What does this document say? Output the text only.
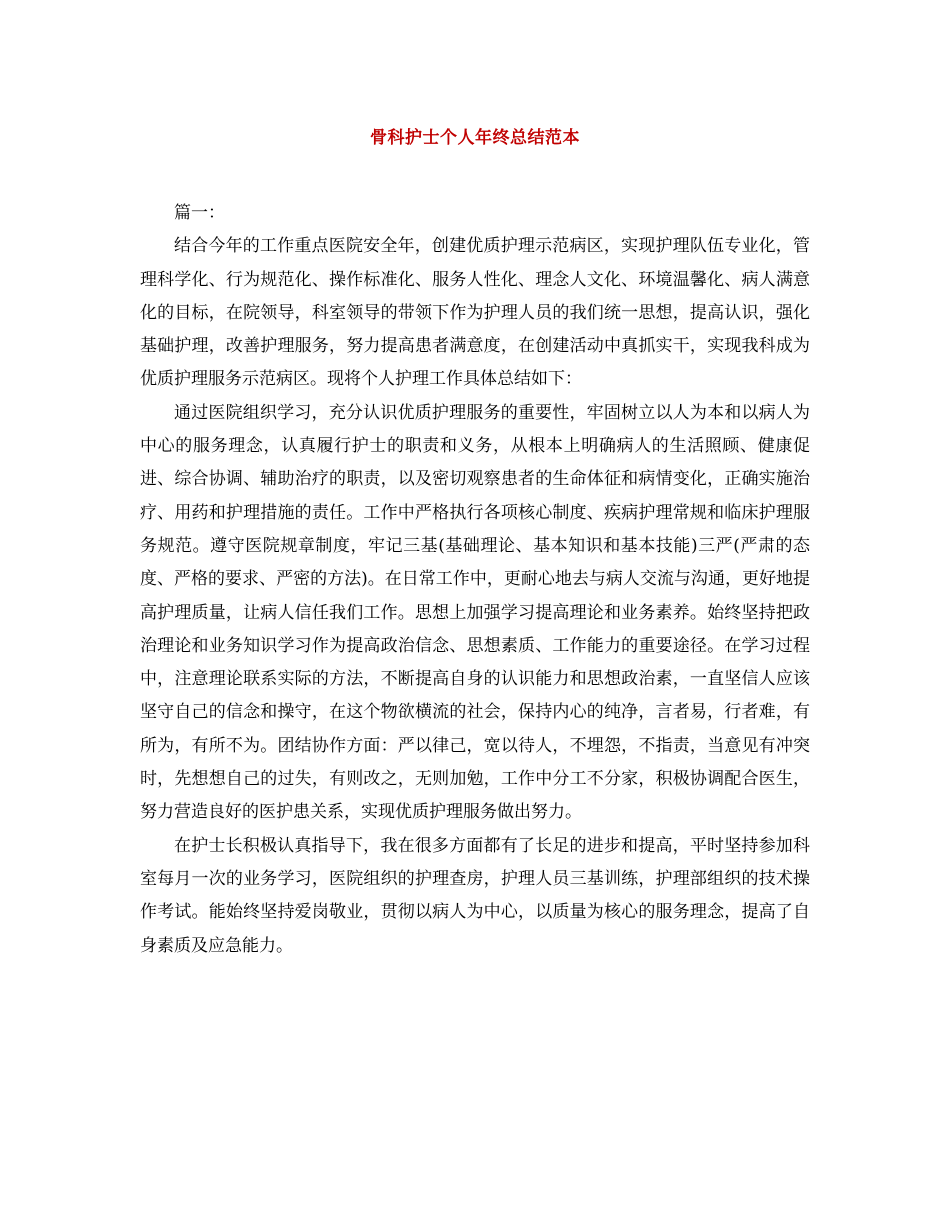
骨科护士个人年终总结范本

篇一：

结合今年的工作重点医院安全年，创建优质护理示范病区，实现护理队伍专业化，管理科学化、行为规范化、操作标准化、服务人性化、理念人文化、环境温馨化、病人满意化的目标，在院领导，科室领导的带领下作为护理人员的我们统一思想，提高认识，强化基础护理，改善护理服务，努力提高患者满意度，在创建活动中真抓实干，实现我科成为优质护理服务示范病区。现将个人护理工作具体总结如下：

通过医院组织学习，充分认识优质护理服务的重要性，牢固树立以人为本和以病人为中心的服务理念，认真履行护士的职责和义务，从根本上明确病人的生活照顾、健康促进、综合协调、辅助治疗的职责，以及密切观察患者的生命体征和病情变化，正确实施治疗、用药和护理措施的责任。工作中严格执行各项核心制度、疾病护理常规和临床护理服务规范。遵守医院规章制度，牢记三基(基础理论、基本知识和基本技能)三严(严肃的态度、严格的要求、严密的方法)。在日常工作中，更耐心地去与病人交流与沟通，更好地提高护理质量，让病人信任我们工作。思想上加强学习提高理论和业务素养。始终坚持把政治理论和业务知识学习作为提高政治信念、思想素质、工作能力的重要途径。在学习过程中，注意理论联系实际的方法，不断提高自身的认识能力和思想政治素，一直坚信人应该坚守自己的信念和操守，在这个物欲横流的社会，保持内心的纯净，言者易，行者难，有所为，有所不为。团结协作方面：严以律己，宽以待人，不埋怨，不指责，当意见有冲突时，先想想自己的过失，有则改之，无则加勉，工作中分工不分家，积极协调配合医生，努力营造良好的医护患关系，实现优质护理服务做出努力。

在护士长积极认真指导下，我在很多方面都有了长足的进步和提高，平时坚持参加科室每月一次的业务学习，医院组织的护理查房，护理人员三基训练，护理部组织的技术操作考试。能始终坚持爱岗敬业，贯彻以病人为中心，以质量为核心的服务理念，提高了自身素质及应急能力。
